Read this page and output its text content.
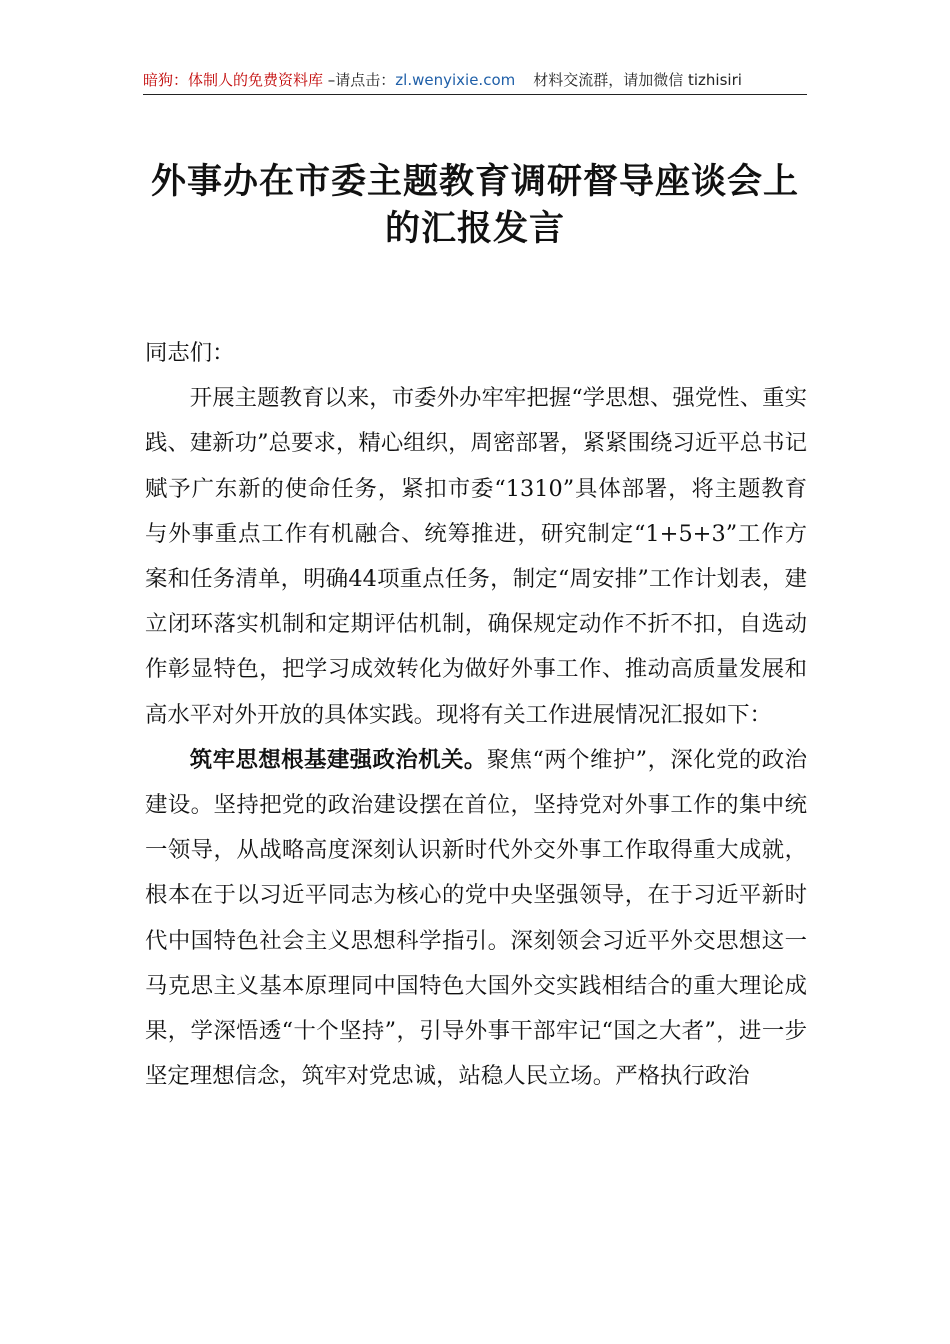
暗狗：体制人的免费资料库 –请点击：zl.wenyixie.com 材料交流群，请加微信 tizhisiri
外事办在市委主题教育调研督导座谈会上
的汇报发言

同志们：

开展主题教育以来，市委外办牢牢把握“学思想、强党性、重实践、建新功”总要求，精心组织，周密部署，紧紧围绕习近平总书记赋予广东新的使命任务，紧扣市委“1310”具体部署，将主题教育与外事重点工作有机融合、统筹推进，研究制定“1+5+3”工作方案和任务清单，明确44项重点任务，制定“周安排”工作计划表，建立闭环落实机制和定期评估机制，确保规定动作不折不扣，自选动作彰显特色，把学习成效转化为做好外事工作、推动高质量发展和高水平对外开放的具体实践。现将有关工作进展情况汇报如下：

筑牢思想根基建强政治机关。聚焦“两个维护”，深化党的政治建设。坚持把党的政治建设摆在首位，坚持党对外事工作的集中统一领导，从战略高度深刻认识新时代外交外事工作取得重大成就，根本在于以习近平同志为核心的党中央坚强领导，在于习近平新时代中国特色社会主义思想科学指引。深刻领会习近平外交思想这一马克思主义基本原理同中国特色大国外交实践相结合的重大理论成果，学深悟透“十个坚持”，引导外事干部牢记“国之大者”，进一步坚定理想信念，筑牢对党忠诚，站稳人民立场。严格执行政治
